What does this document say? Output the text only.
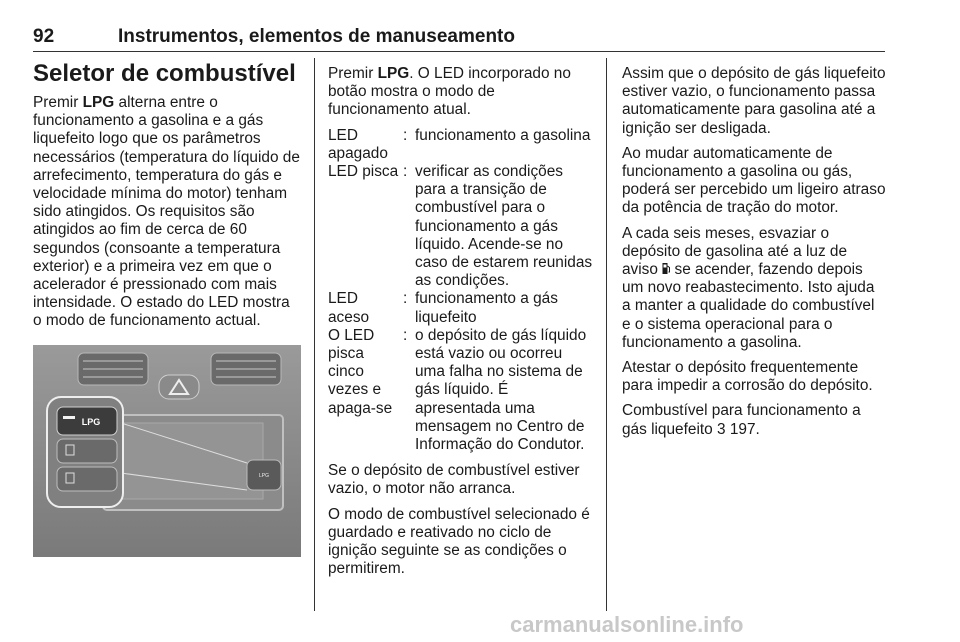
92	Instrumentos, elementos de manuseamento
Seletor de combustível

Premir LPG alterna entre o funcionamento a gasolina e a gás liquefeito logo que os parâmetros necessários (temperatura do líquido de arrefecimento, temperatura do gás e velocidade mínima do motor) tenham sido atingidos. Os requisitos são atingidos ao fim de cerca de 60 segundos (consoante a temperatura exterior) e a primeira vez em que o acelerador é pressionado com mais intensidade. O estado do LED mostra o modo de funcionamento actual.

LPG
LPG

Premir LPG. O LED incorporado no botão mostra o modo de funcionamento atual.

LED apagado
: funcionamento a gasolina
LED pisca : verificar as condições para a transição de combustível para o funcionamento a gás líquido. Acende-se no caso de estarem reunidas as condições.
LED aceso
: funcionamento a gás liquefeito
O LED pisca cinco vezes e apaga-se
: o depósito de gás líquido está vazio ou ocorreu uma falha no sistema de gás líquido. É apresentada uma mensagem no Centro de Informação do Condutor.

Se o depósito de combustível estiver vazio, o motor não arranca.

O modo de combustível selecionado é guardado e reativado no ciclo de ignição seguinte se as condições o permitirem.

Assim que o depósito de gás liquefeito estiver vazio, o funcionamento passa automaticamente para gasolina até a ignição ser desligada.

Ao mudar automaticamente de funcionamento a gasolina ou gás, poderá ser percebido um ligeiro atraso da potência de tração do motor.

A cada seis meses, esvaziar o depósito de gasolina até a luz de aviso  se acender, fazendo depois um novo reabastecimento. Isto ajuda a manter a qualidade do combustível e o sistema operacional para o funcionamento a gasolina.

Atestar o depósito frequentemente para impedir a corrosão do depósito.

Combustível para funcionamento a gás liquefeito 3 197.

carmanualsonline.info
